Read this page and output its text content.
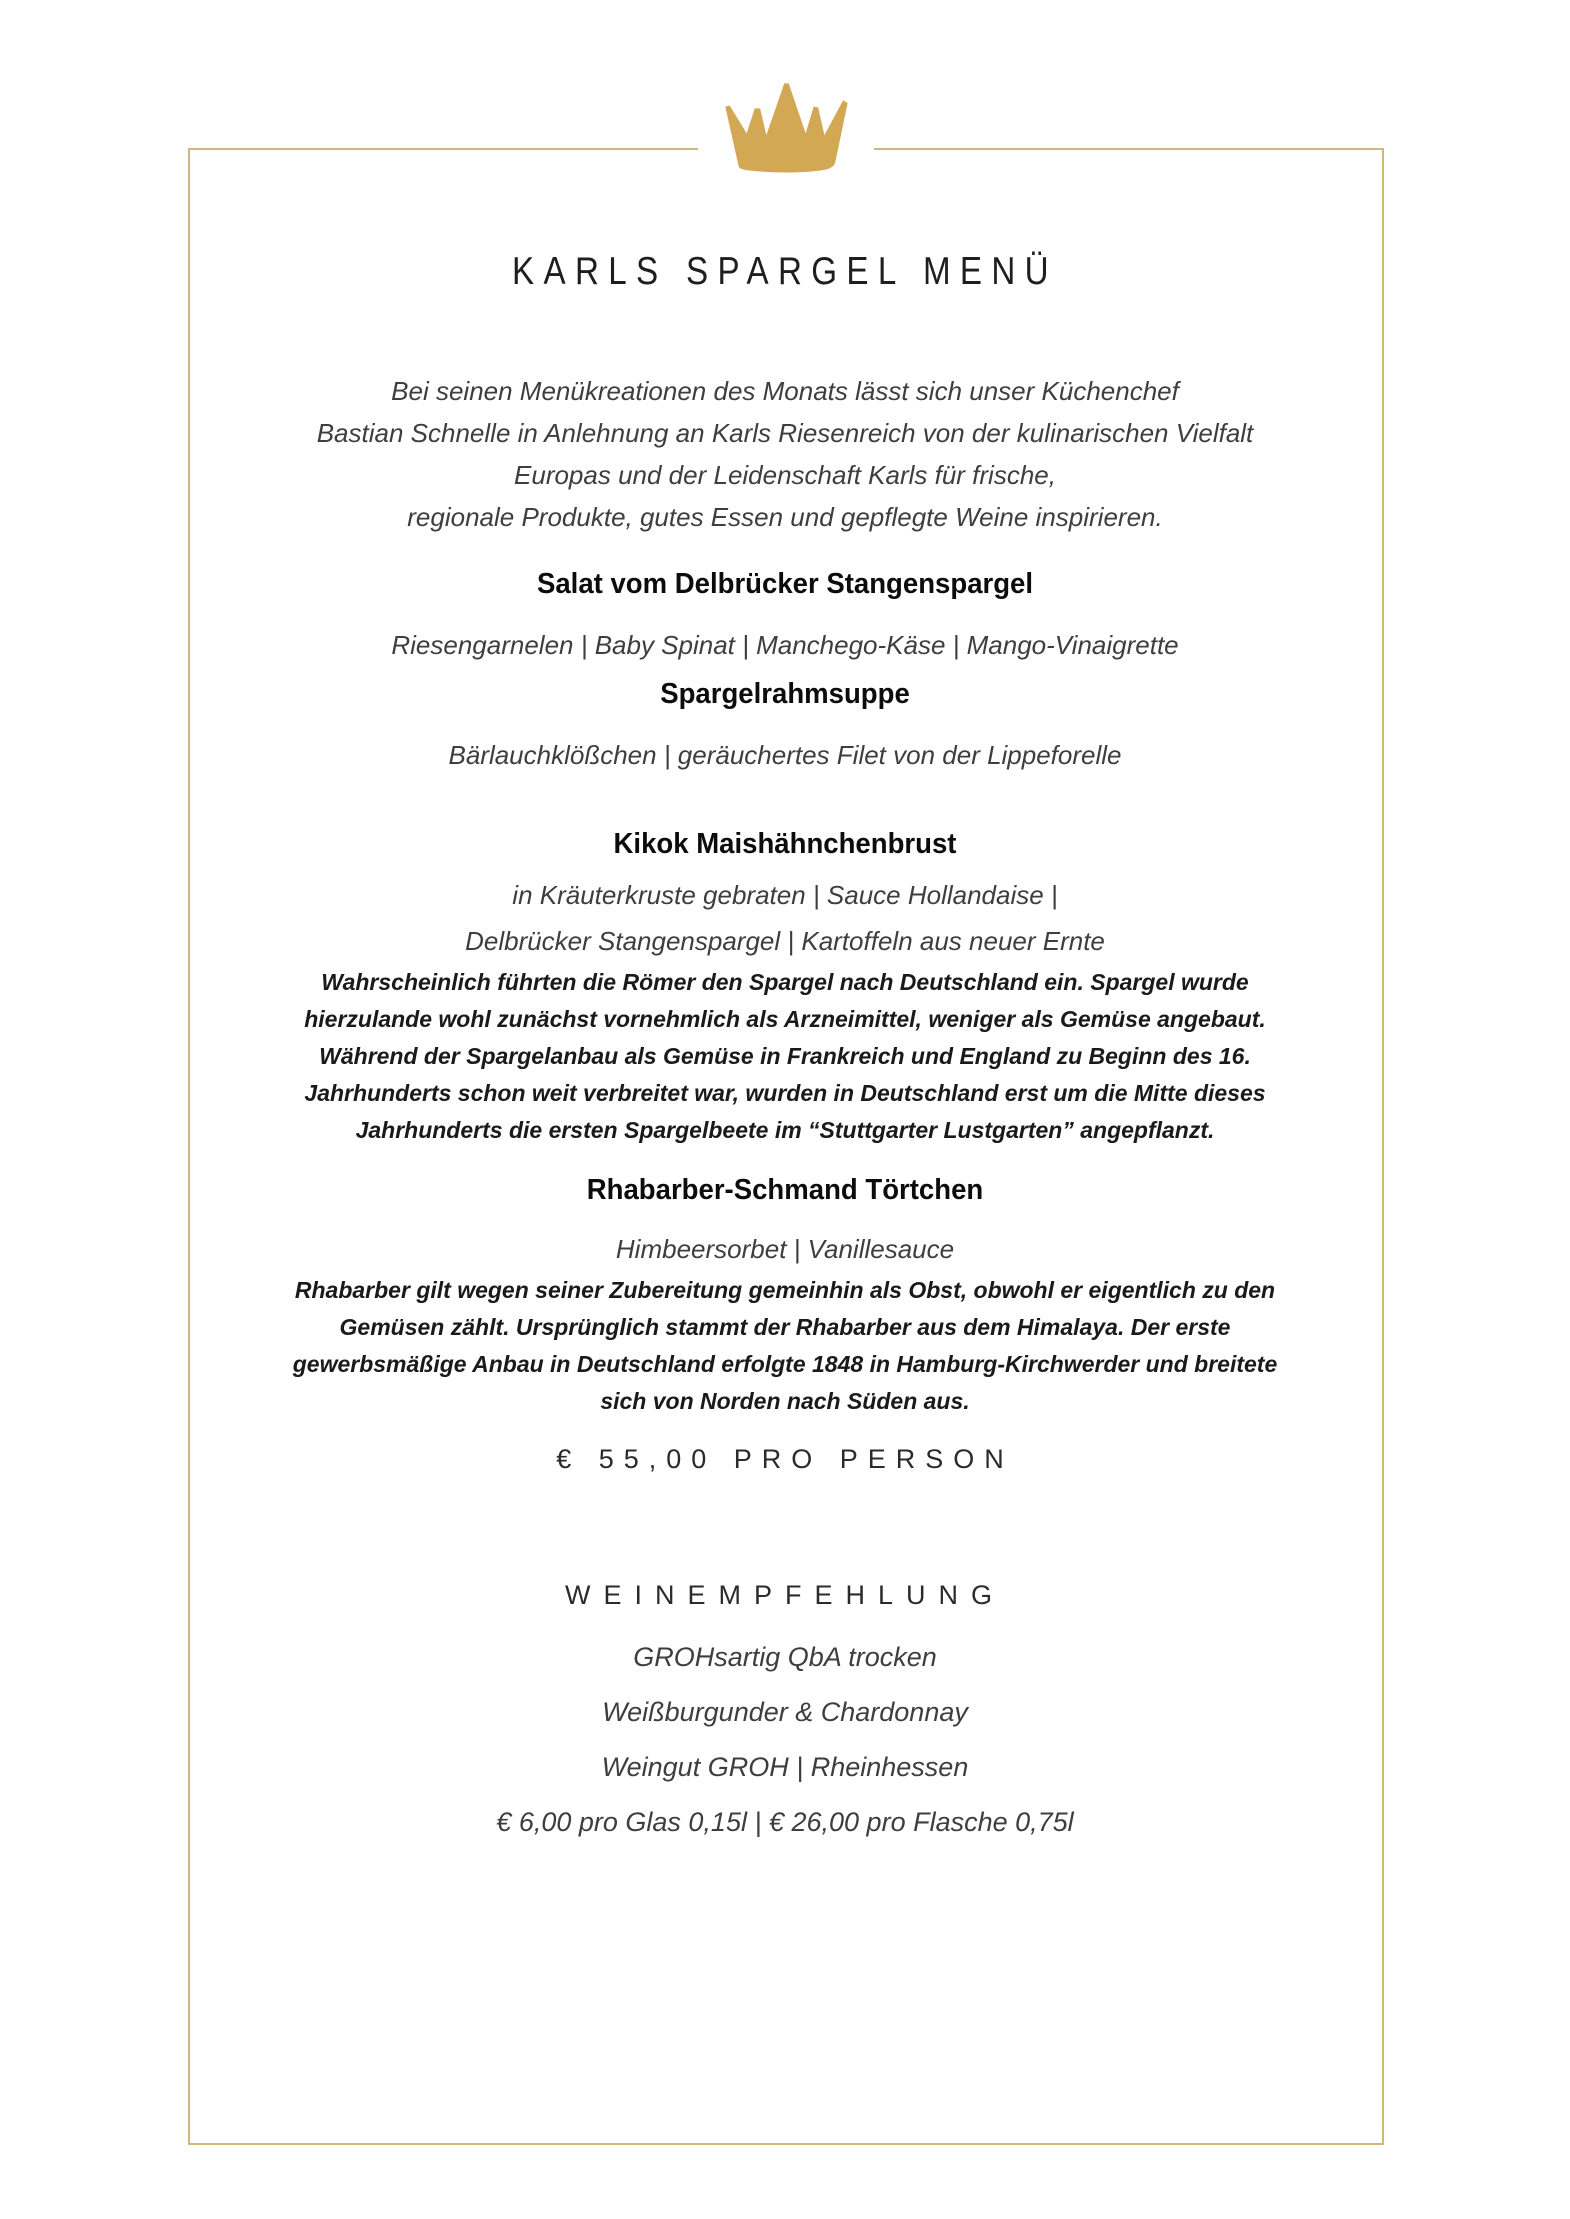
KARLS SPARGEL MENÜ
Bei seinen Menükreationen des Monats lässt sich unser Küchenchef
Bastian Schnelle in Anlehnung an Karls Riesenreich von der kulinarischen Vielfalt
Europas und der Leidenschaft Karls für frische,
regionale Produkte, gutes Essen und gepflegte Weine inspirieren.
Salat vom Delbrücker Stangenspargel
Riesengarnelen | Baby Spinat | Manchego-Käse | Mango-Vinaigrette
Spargelrahmsuppe
Bärlauchklößchen | geräuchertes Filet von der Lippeforelle
Kikok Maishähnchenbrust
in Kräuterkruste gebraten | Sauce Hollandaise |
Delbrücker Stangenspargel | Kartoffeln aus neuer Ernte
Wahrscheinlich führten die Römer den Spargel nach Deutschland ein. Spargel wurde
hierzulande wohl zunächst vornehmlich als Arzneimittel, weniger als Gemüse angebaut.
Während der Spargelanbau als Gemüse in Frankreich und England zu Beginn des 16.
Jahrhunderts schon weit verbreitet war, wurden in Deutschland erst um die Mitte dieses
Jahrhunderts die ersten Spargelbeete im “Stuttgarter Lustgarten” angepflanzt.
Rhabarber-Schmand Törtchen
Himbeersorbet | Vanillesauce
Rhabarber gilt wegen seiner Zubereitung gemeinhin als Obst, obwohl er eigentlich zu den
Gemüsen zählt. Ursprünglich stammt der Rhabarber aus dem Himalaya. Der erste
gewerbsmäßige Anbau in Deutschland erfolgte 1848 in Hamburg-Kirchwerder und breitete
sich von Norden nach Süden aus.
€ 55,00 PRO PERSON
WEINEMPFEHLUNG
GROHsartig QbA trocken
Weißburgunder & Chardonnay
Weingut GROH | Rheinhessen
€ 6,00 pro Glas 0,15l | € 26,00 pro Flasche 0,75l
